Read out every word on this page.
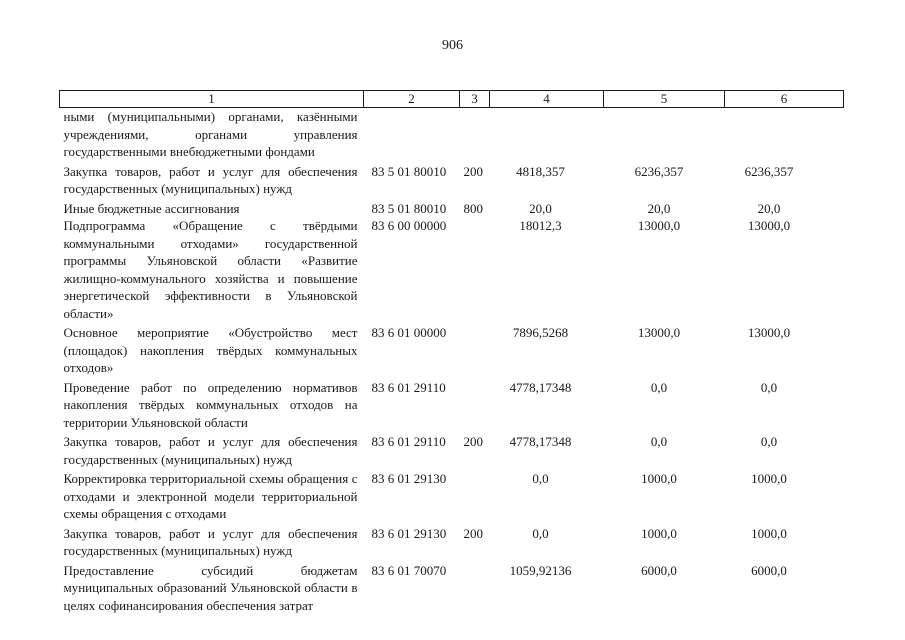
906
1	2	3	4	5	6
ными (муниципальными) органами, казёнными учреждениями, органами управления государственными внебюджетными фондами					
Закупка товаров, работ и услуг для обеспечения государственных (муниципальных) нужд	83 5 01 80010	200	4818,357	6236,357	6236,357
Иные бюджетные ассигнования	83 5 01 80010	800	20,0	20,0	20,0
Подпрограмма «Обращение с твёрдыми коммунальными отходами» государственной программы Ульяновской области «Развитие жилищно-коммунального хозяйства и повышение энергетической эффективности в Ульяновской области»	83 6 00 00000		18012,3	13000,0	13000,0
Основное мероприятие «Обустройство мест (площадок) накопления твёрдых коммунальных отходов»	83 6 01 00000		7896,5268	13000,0	13000,0
Проведение работ по определению нормативов накопления твёрдых коммунальных отходов на территории Ульяновской области	83 6 01 29110		4778,17348	0,0	0,0
Закупка товаров, работ и услуг для обеспечения государственных (муниципальных) нужд	83 6 01 29110	200	4778,17348	0,0	0,0
Корректировка территориальной схемы обращения с отходами и электронной модели территориальной схемы обращения с отходами	83 6 01 29130		0,0	1000,0	1000,0
Закупка товаров, работ и услуг для обеспечения государственных (муниципальных) нужд	83 6 01 29130	200	0,0	1000,0	1000,0
Предоставление субсидий бюджетам муниципальных образований Ульяновской области в целях софинансирования обеспечения затрат	83 6 01 70070		1059,92136	6000,0	6000,0
